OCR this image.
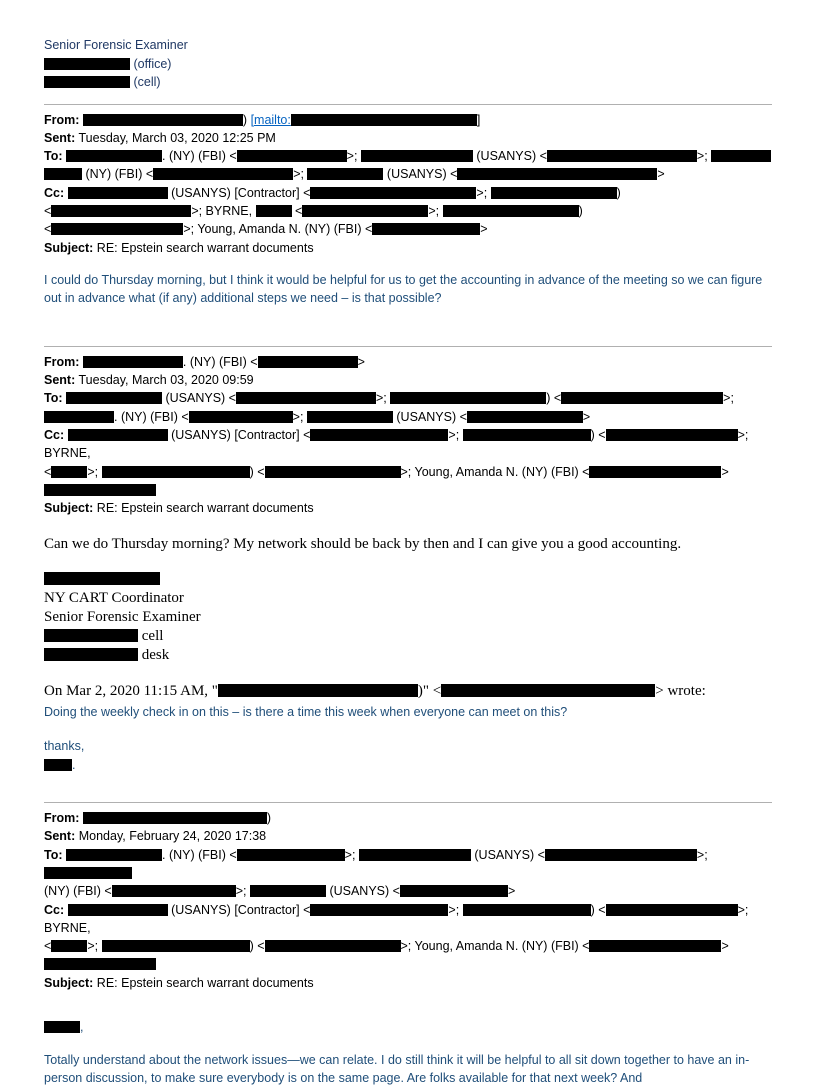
Senior Forensic Examiner
(office)
(cell)
From:	) [mailto:	]
Sent: Tuesday, March 03, 2020 12:25 PM
To:	. (NY) (FBI) <	>;	(USANYS) <	>;  (NY) (FBI) <	>;	(USANYS) <	>
Cc:	(USANYS) [Contractor] <	>;	)
<	>; BYRNE,	<	>;	)
<	>; Young, Amanda N. (NY) (FBI) <	>
Subject: RE: Epstein search warrant documents
I could do Thursday morning, but I think it would be helpful for us to get the accounting in advance of the meeting so we can figure out in advance what (if any) additional steps we need – is that possible?
From:	. (NY) (FBI) <	>
Sent: Tuesday, March 03, 2020 09:59
To:	(USANYS) <	>;	) <	>;
. (NY) (FBI) <	>;	(USANYS) <	>
Cc:	(USANYS) [Contractor] <	>;	) <	>; BYRNE,
<	>;	) <	>; Young, Amanda N. (NY) (FBI) <	>

Subject: RE: Epstein search warrant documents
Can we do Thursday morning? My network should be back by then and I can give you a good accounting.
NY CART Coordinator
Senior Forensic Examiner
cell
desk
On Mar 2, 2020 11:15 AM, "	)" <	> wrote:
Doing the weekly check in on this – is there a time this week when everyone can meet on this?
thanks,
.
From:	)
Sent: Monday, February 24, 2020 17:38
To:	. (NY) (FBI) <	>;	(USANYS) <	>;
(NY) (FBI) <	>;	(USANYS) <	>
Cc:	(USANYS) [Contractor] <	>;	) <	>; BYRNE,
<	>;	) <	>; Young, Amanda N. (NY) (FBI) <	>

Subject: RE: Epstein search warrant documents
,
Totally understand about the network issues—we can relate. I do still think it will be helpful to all sit down together to have an in-person discussion, to make sure everybody is on the same page. Are folks available for that next week? And
